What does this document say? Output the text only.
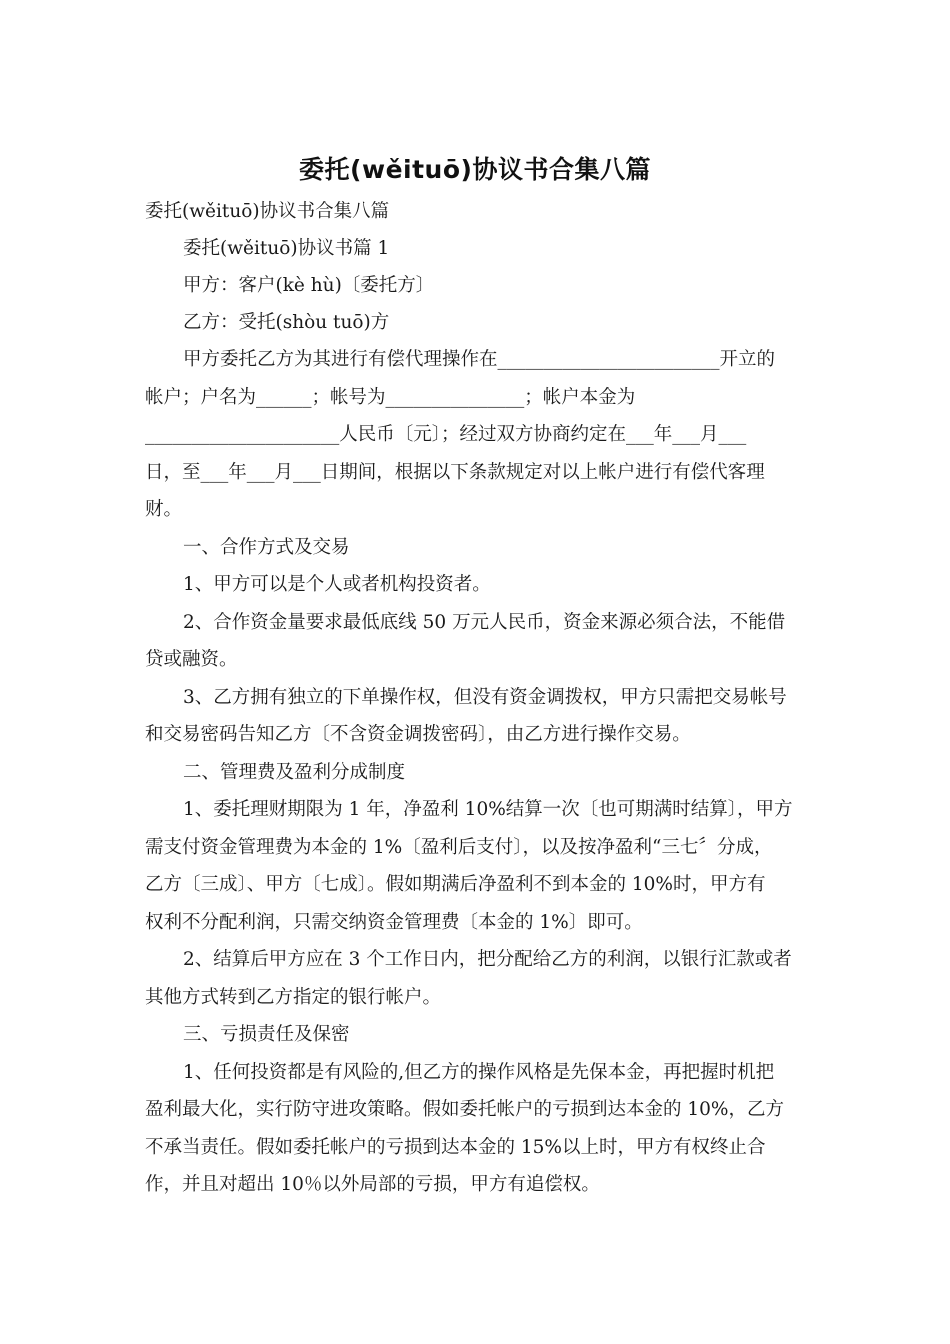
委托(wěituō)协议书合集八篇
委托(wěituō)协议书合集八篇
委托(wěituō)协议书篇 1
甲方：客户(kè hù)〔委托方〕
乙方：受托(shòu tuō)方
甲方委托乙方为其进行有偿代理操作在________________________开立的
帐户；户名为______；帐号为_______________；帐户本金为
_____________________人民币〔元〕；经过双方协商约定在___年___月___
日，至___年___月___日期间，根据以下条款规定对以上帐户进行有偿代客理
财。
一、合作方式及交易
1、甲方可以是个人或者机构投资者。
2、合作资金量要求最低底线 50 万元人民币，资金来源必须合法，不能借
贷或融资。
3、乙方拥有独立的下单操作权，但没有资金调拨权，甲方只需把交易帐号
和交易密码告知乙方〔不含资金调拨密码〕，由乙方进行操作交易。
二、管理费及盈利分成制度
1、委托理财期限为 1 年，净盈利 10%结算一次〔也可期满时结算〕，甲方
需支付资金管理费为本金的 1%〔盈利后支付〕，以及按净盈利“三七〞分成，
乙方〔三成〕、甲方〔七成〕。假如期满后净盈利不到本金的 10%时，甲方有
权利不分配利润，只需交纳资金管理费〔本金的 1%〕即可。
2、结算后甲方应在 3 个工作日内，把分配给乙方的利润，以银行汇款或者
其他方式转到乙方指定的银行帐户。
三、亏损责任及保密
1、任何投资都是有风险的,但乙方的操作风格是先保本金，再把握时机把
盈利最大化，实行防守进攻策略。假如委托帐户的亏损到达本金的 10%，乙方
不承当责任。假如委托帐户的亏损到达本金的 15%以上时，甲方有权终止合
作，并且对超出 10％以外局部的亏损，甲方有追偿权。
